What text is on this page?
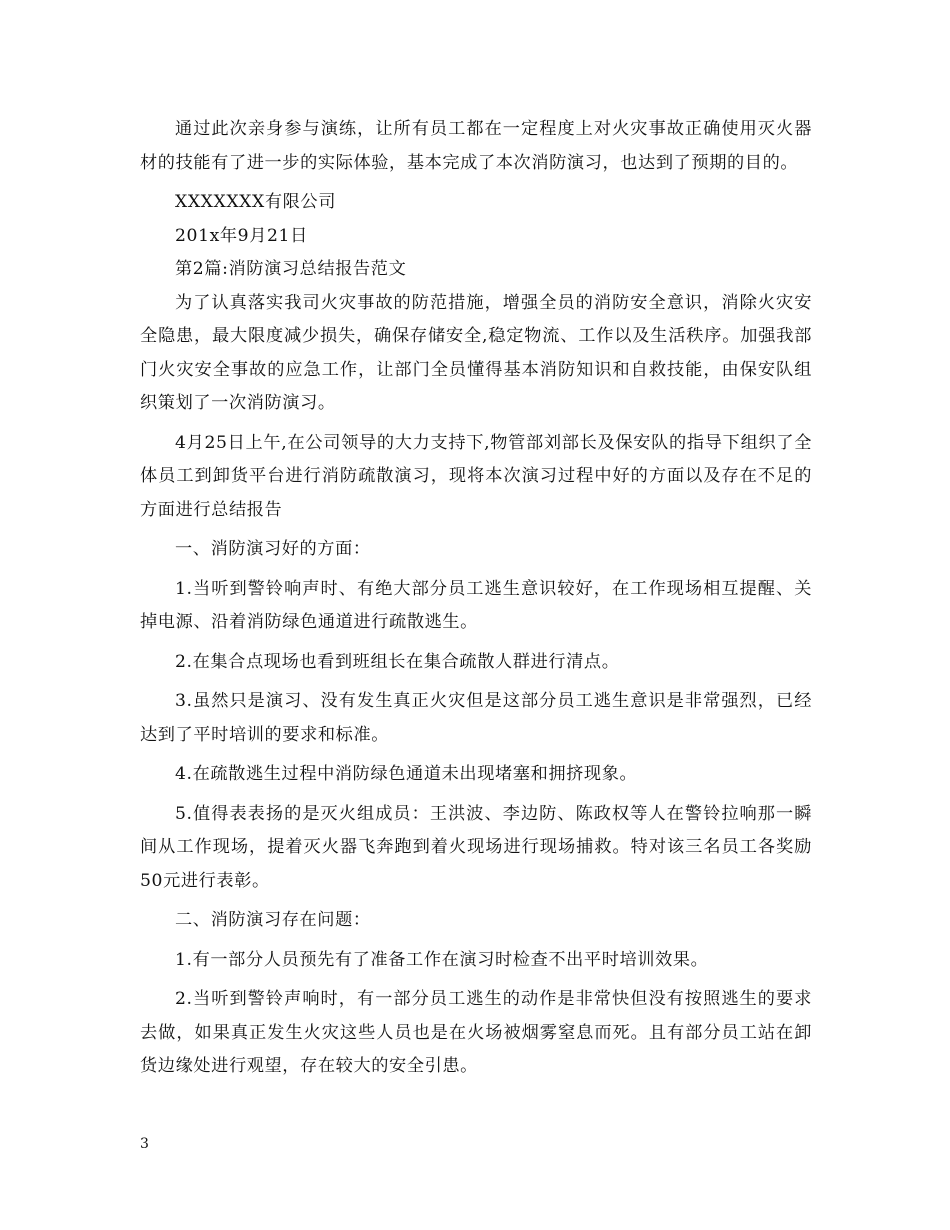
通过此次亲身参与演练，让所有员工都在一定程度上对火灾事故正确使用灭火器材的技能有了进一步的实际体验，基本完成了本次消防演习，也达到了预期的目的。

XXXXXXX有限公司

201x年9月21日

第2篇:消防演习总结报告范文

为了认真落实我司火灾事故的防范措施，增强全员的消防安全意识，消除火灾安全隐患，最大限度减少损失，确保存储安全,稳定物流、工作以及生活秩序。加强我部门火灾安全事故的应急工作，让部门全员懂得基本消防知识和自救技能，由保安队组织策划了一次消防演习。

4月25日上午,在公司领导的大力支持下,物管部刘部长及保安队的指导下组织了全体员工到卸货平台进行消防疏散演习，现将本次演习过程中好的方面以及存在不足的方面进行总结报告

一、消防演习好的方面：

1.当听到警铃响声时、有绝大部分员工逃生意识较好，在工作现场相互提醒、关掉电源、沿着消防绿色通道进行疏散逃生。

2.在集合点现场也看到班组长在集合疏散人群进行清点。

3.虽然只是演习、没有发生真正火灾但是这部分员工逃生意识是非常强烈，已经达到了平时培训的要求和标准。

4.在疏散逃生过程中消防绿色通道未出现堵塞和拥挤现象。

5.值得表表扬的是灭火组成员：王洪波、李边防、陈政权等人在警铃拉响那一瞬间从工作现场，提着灭火器飞奔跑到着火现场进行现场捕救。特对该三名员工各奖励50元进行表彰。

二、消防演习存在问题：

1.有一部分人员预先有了准备工作在演习时检查不出平时培训效果。

2.当听到警铃声响时，有一部分员工逃生的动作是非常快但没有按照逃生的要求去做，如果真正发生火灾这些人员也是在火场被烟雾窒息而死。且有部分员工站在卸货边缘处进行观望，存在较大的安全引患。

3
